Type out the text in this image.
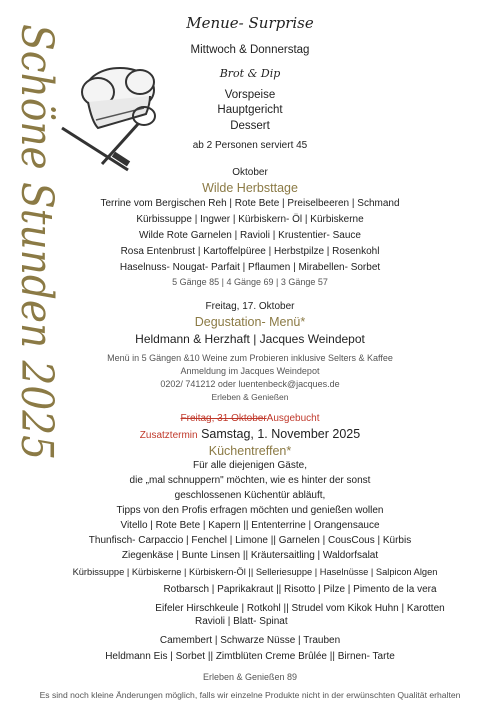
Schöne Stunden 2025
Menue- Surprise
Mittwoch & Donnerstag
Brot & Dip
Vorspeise
Hauptgericht
Dessert
ab 2 Personen serviert 45
Oktober
Wilde Herbsttage
Terrine vom Bergischen Reh | Rote Bete | Preiselbeeren | Schmand
Kürbissuppe | Ingwer | Kürbiskern- Öl | Kürbiskerne
Wilde Rote Garnelen | Ravioli | Krustentier- Sauce
Rosa Entenbrust | Kartoffelpüree | Herbstpilze | Rosenkohl
Haselnuss- Nougat- Parfait | Pflaumen | Mirabellen- Sorbet
5 Gänge 85 | 4 Gänge 69 | 3 Gänge 57
Freitag, 17. Oktober
Degustation- Menü*
Heldmann & Herzhaft | Jacques Weindepot
Menü in 5 Gängen &10 Weine zum Probieren inklusive Selters & Kaffee
Anmeldung im Jacques Weindepot
0202/ 741212 oder luentenbeck@jacques.de
Erleben & Genießen
Freitag, 31 OktoberAusgebucht
Zusatztermin Samstag, 1. November 2025
Küchentreffen*
Für alle diejenigen Gäste,
die „mal schnuppern" möchten, wie es hinter der sonst
geschlossenen Küchentür abläuft,
Tipps von den Profis erfragen möchten und genießen wollen
Vitello | Rote Bete | Kapern || Ententerrine | Orangensauce
Thunfisch- Carpaccio | Fenchel | Limone || Garnelen | CousCous | Kürbis
Ziegenkäse | Bunte Linsen || Kräutersaitling | Waldorfsalat
Kürbissuppe | Kürbiskerne | Kürbiskern-Öl || Selleriesuppe | Haselnüsse | Salpicon Algen
Rotbarsch | Paprikakraut || Risotto | Pilze | Pimento de la vera
Eifeler Hirschkeule | Rotkohl || Strudel vom Kikok Huhn | Karotten
Ravioli | Blatt- Spinat
Camembert | Schwarze Nüsse | Trauben
Heldmann Eis | Sorbet || Zimtblüten Creme Brûlée || Birnen- Tarte
Erleben & Genießen 89
Es sind noch kleine Änderungen möglich, falls wir einzelne Produkte nicht in der erwünschten Qualität erhalten
